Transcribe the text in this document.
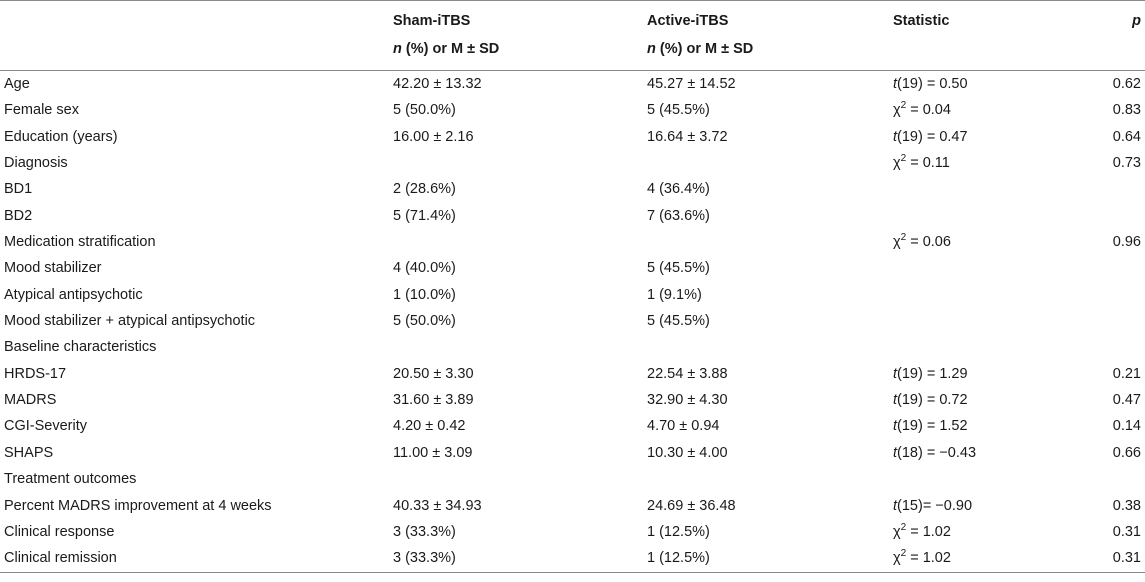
	Sham-iTBS	Active-iTBS	Statistic	p
	n (%) or M ± SD	n (%) or M ± SD		
Age	42.20 ± 13.32	45.27 ± 14.52	t(19) = 0.50	0.62
Female sex	5 (50.0%)	5 (45.5%)	$\chi^2 = 0.04$	0.83
Education (years)	16.00 ± 2.16	16.64 ± 3.72	t(19) = 0.47	0.64
Diagnosis			$\chi^2 = 0.11$	0.73
BD1	2 (28.6%)	4 (36.4%)		
BD2	5 (71.4%)	7 (63.6%)		
Medication stratification			$\chi^2 = 0.06$	0.96
Mood stabilizer	4 (40.0%)	5 (45.5%)		
Atypical antipsychotic	1 (10.0%)	1 (9.1%)		
Mood stabilizer + atypical antipsychotic	5 (50.0%)	5 (45.5%)		
Baseline characteristics				
HRDS-17	20.50 ± 3.30	22.54 ± 3.88	t(19) = 1.29	0.21
MADRS	31.60 ± 3.89	32.90 ± 4.30	t(19) = 0.72	0.47
CGI-Severity	4.20 ± 0.42	4.70 ± 0.94	t(19) = 1.52	0.14
SHAPS	11.00 ± 3.09	10.30 ± 4.00	t(18) = −0.43	0.66
Treatment outcomes				
Percent MADRS improvement at 4 weeks	40.33 ± 34.93	24.69 ± 36.48	t(15)= −0.90	0.38
Clinical response	3 (33.3%)	1 (12.5%)	$\chi^2 = 1.02$	0.31
Clinical remission	3 (33.3%)	1 (12.5%)	$\chi^2 = 1.02$	0.31
